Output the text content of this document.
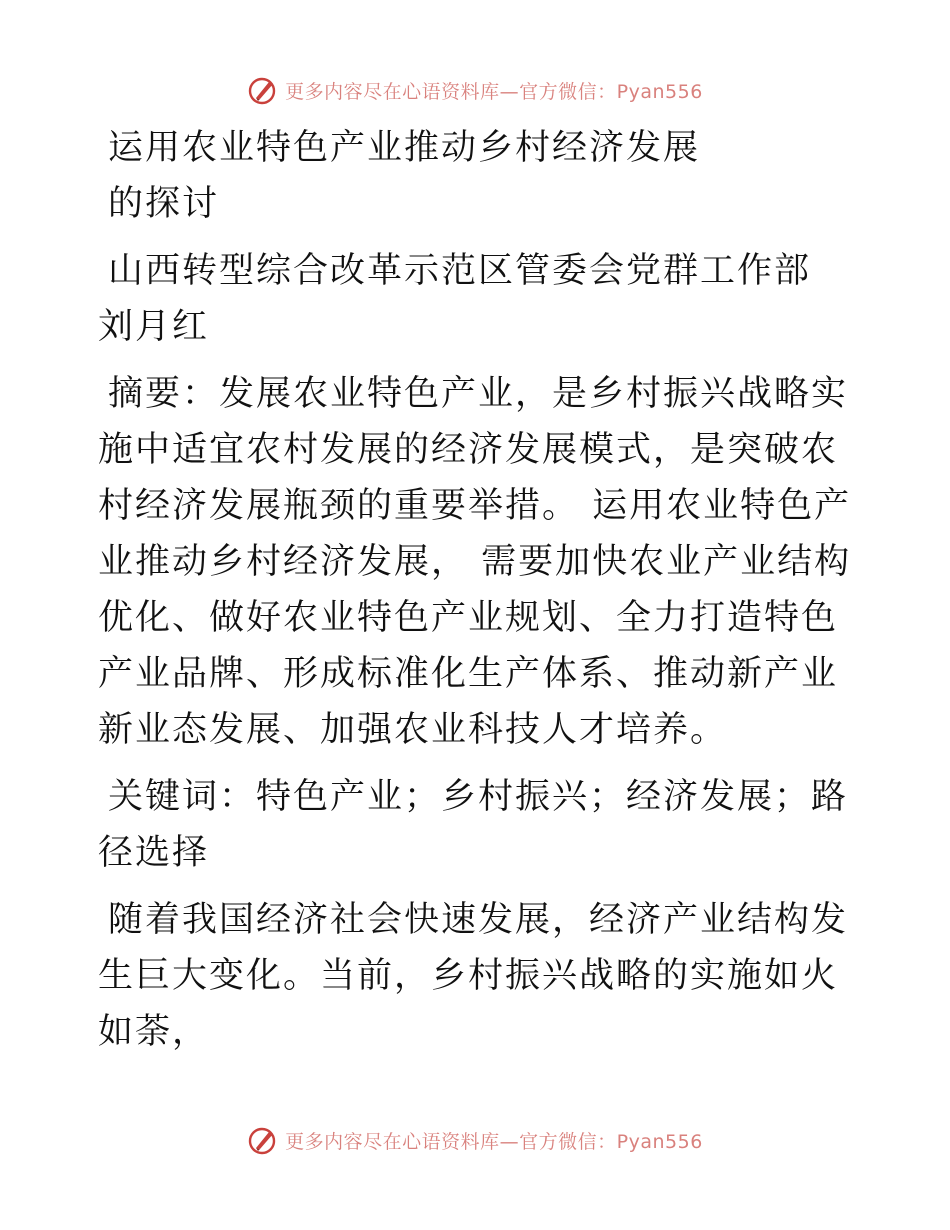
更多内容尽在心语资料库—官方微信：Pyan556

运用农业特色产业推动乡村经济发展

的探讨

山西转型综合改革示范区管委会党群工作部　刘月红

摘要：发展农业特色产业，是乡村振兴战略实施中适宜农村发展的经济发展模式，是突破农村经济发展瓶颈的重要举措。 运用农业特色产业推动乡村经济发展， 需要加快农业产业结构优化、做好农业特色产业规划、全力打造特色产业品牌、形成标准化生产体系、推动新产业新业态发展、加强农业科技人才培养。

关键词：特色产业；乡村振兴；经济发展；路径选择

随着我国经济社会快速发展，经济产业结构发生巨大变化。当前，乡村振兴战略的实施如火如荼，

更多内容尽在心语资料库—官方微信：Pyan556
